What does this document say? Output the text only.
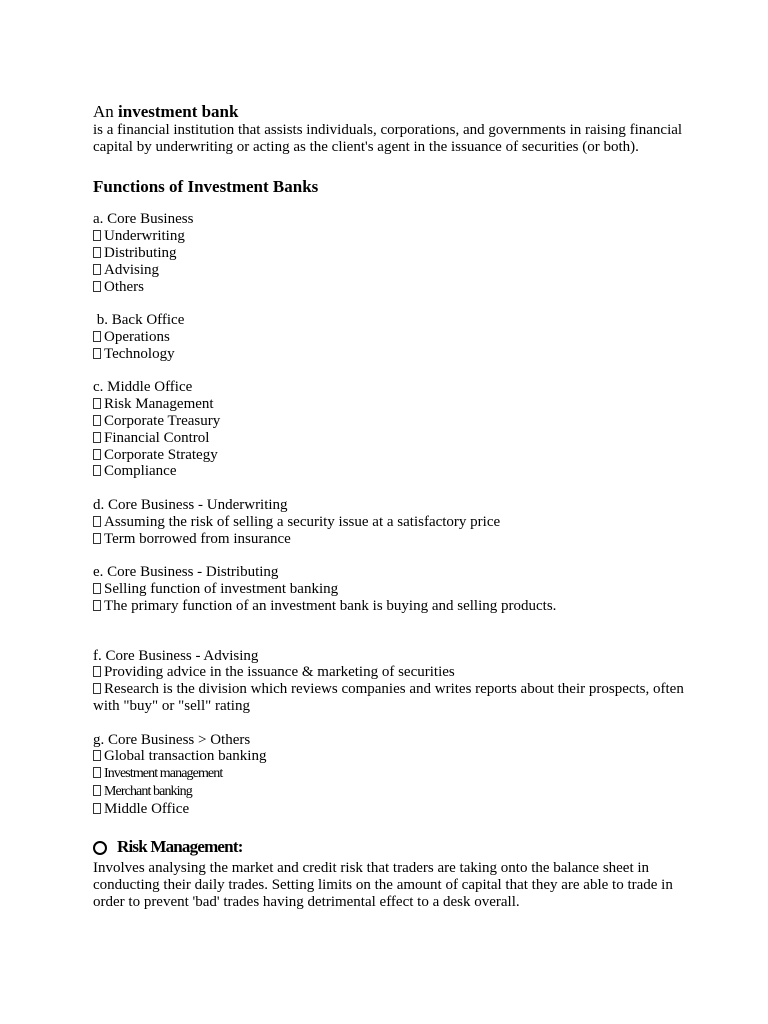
An investment bank

is a financial institution that assists individuals, corporations, and governments in raising financial capital by underwriting or acting as the client's agent in the issuance of securities (or both).

Functions of Investment Banks
a. Core Business
Underwriting
Distributing
Advising
Others
b. Back Office
Operations
Technology
c. Middle Office
Risk Management
Corporate Treasury
Financial Control
Corporate Strategy
Compliance
d. Core Business - Underwriting
Assuming the risk of selling a security issue at a satisfactory price
Term borrowed from insurance
e. Core Business - Distributing
Selling function of investment banking
The primary function of an investment bank is buying and selling products.
f. Core Business - Advising
Providing advice in the issuance & marketing of securities
Research is the division which reviews companies and writes reports about their prospects, often with "buy" or "sell" rating
g. Core Business > Others
Global transaction banking
Investment management
Merchant banking
Middle Office
Risk Management:

Involves analysing the market and credit risk that traders are taking onto the balance sheet in conducting their daily trades. Setting limits on the amount of capital that they are able to trade in order to prevent 'bad' trades having detrimental effect to a desk overall.
